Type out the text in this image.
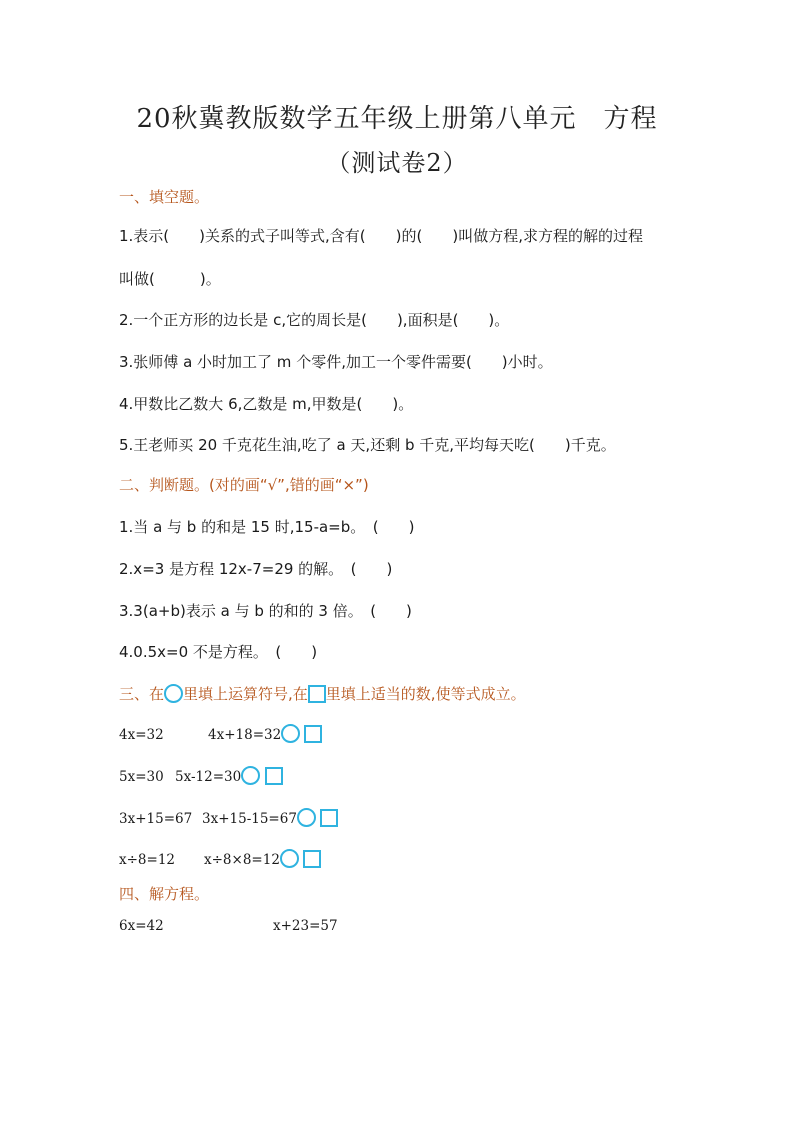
20秋冀教版数学五年级上册第八单元　方程
（测试卷2）
一、填空题。
1.表示(　　)关系的式子叫等式,含有(　　)的(　　)叫做方程,求方程的解的过程
叫做(　　　)。
2.一个正方形的边长是 c,它的周长是(　　),面积是(　　)。
3.张师傅 a 小时加工了 m 个零件,加工一个零件需要(　　)小时。
4.甲数比乙数大 6,乙数是 m,甲数是(　　)。
5.王老师买 20 千克花生油,吃了 a 天,还剩 b 千克,平均每天吃(　　)千克。
二、判断题。(对的画“√”,错的画“×”)
1.当 a 与 b 的和是 15 时,15-a=b。　(　　)
2.x=3 是方程 12x-7=29 的解。　(　　)
3.3(a+b)表示 a 与 b 的和的 3 倍。　(　　)
4.0.5x=0 不是方程。　(　　)
三、在 里填上运算符号,在 里填上适当的数,使等式成立。
4x=32	4x+18=32
5x=30 5x-12=30
3x+15=67 3x+15-15=67
x÷8=12 x÷8×8=12
四、解方程。
6x=42	x+23=57
